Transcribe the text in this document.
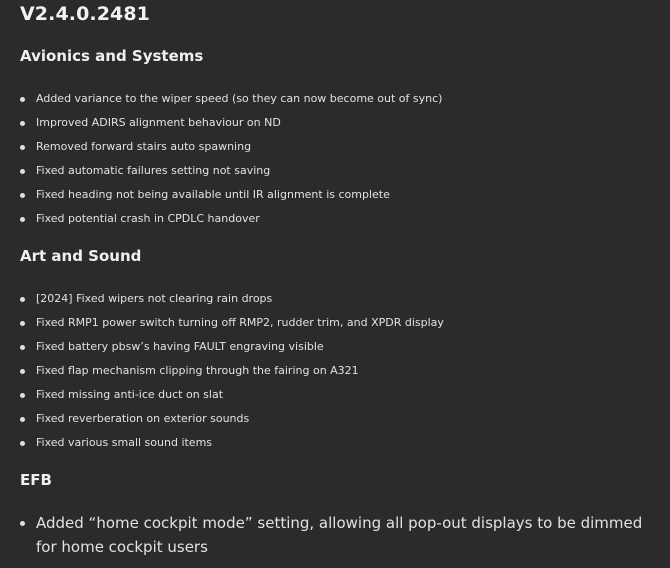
V2.4.0.2481
Avionics and Systems
Added variance to the wiper speed (so they can now become out of sync)
Improved ADIRS alignment behaviour on ND
Removed forward stairs auto spawning
Fixed automatic failures setting not saving
Fixed heading not being available until IR alignment is complete
Fixed potential crash in CPDLC handover
Art and Sound
[2024] Fixed wipers not clearing rain drops
Fixed RMP1 power switch turning off RMP2, rudder trim, and XPDR display
Fixed battery pbsw’s having FAULT engraving visible
Fixed flap mechanism clipping through the fairing on A321
Fixed missing anti-ice duct on slat
Fixed reverberation on exterior sounds
Fixed various small sound items
EFB
Added “home cockpit mode” setting, allowing all pop-out displays to be dimmed for home cockpit users
